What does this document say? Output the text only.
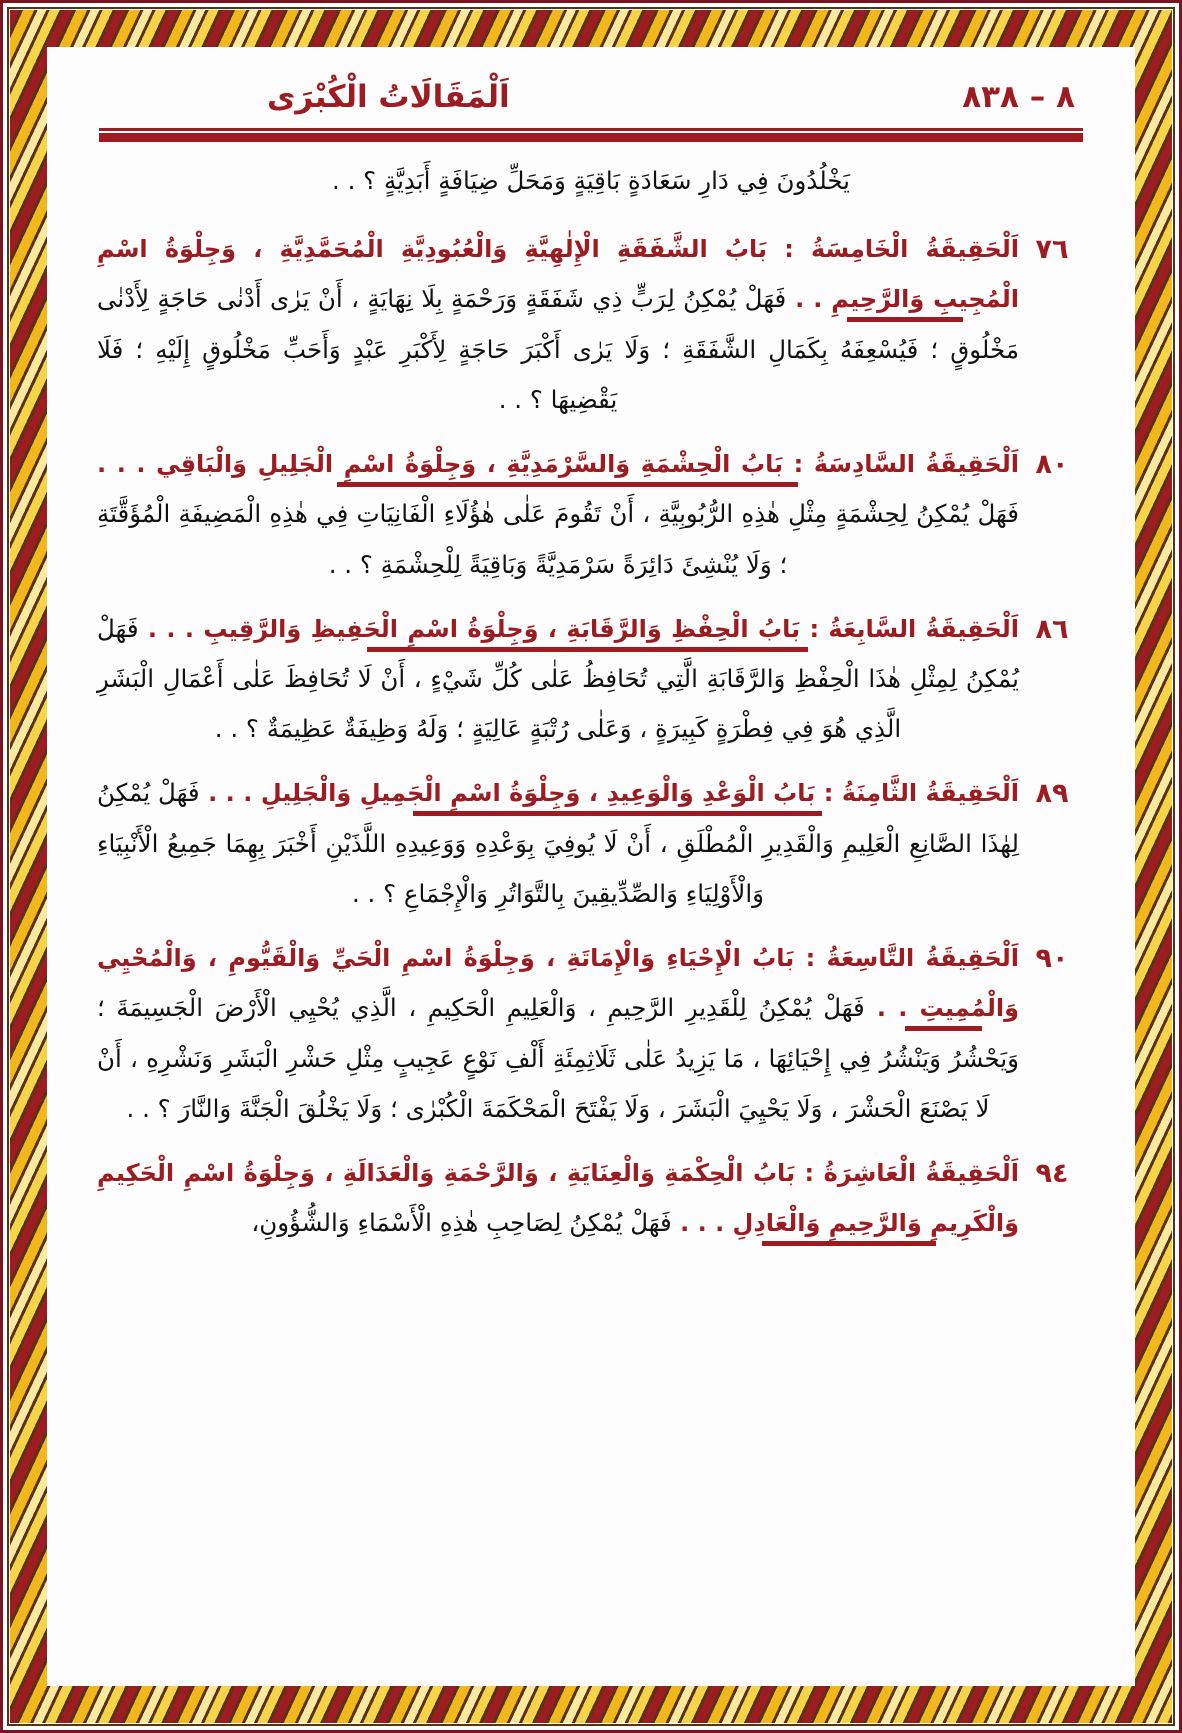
٨ – ٨٣٨
اَلْمَقَالَاتُ الْكُبْرَى
يَخْلُدُونَ فِي دَارِ سَعَادَةٍ بَاقِيَةٍ وَمَحَلِّ ضِيَافَةٍ أَبَدِيَّةٍ ؟ . .
٧٦
اَلْحَقِيقَةُ الْخَامِسَةُ : بَابُ الشَّفَقَةِ الْإِلٰهِيَّةِ وَالْعُبُودِيَّةِ الْمُحَمَّدِيَّةِ ، وَجِلْوَةُ اسْمِ الْمُجِيبِ وَالرَّحِيمِ . . فَهَلْ يُمْكِنُ لِرَبٍّ ذِي شَفَقَةٍ وَرَحْمَةٍ بِلَا نِهَايَةٍ ، أَنْ يَرٰى أَدْنٰى حَاجَةٍ لِأَدْنٰى مَخْلُوقٍ ؛ فَيُسْعِفَهُ بِكَمَالِ الشَّفَقَةِ ؛ وَلَا يَرٰى أَكْبَرَ حَاجَةٍ لِأَكْبَرِ عَبْدٍ وَأَحَبِّ مَخْلُوقٍ إِلَيْهِ ؛ فَلَا يَقْضِيهَا ؟ . .
٨٠
اَلْحَقِيقَةُ السَّادِسَةُ : بَابُ الْحِشْمَةِ وَالسَّرْمَدِيَّةِ ، وَجِلْوَةُ اسْمِ الْجَلِيلِ وَالْبَاقِي . . . فَهَلْ يُمْكِنُ لِحِشْمَةٍ مِثْلِ هٰذِهِ الرُّبُوبِيَّةِ ، أَنْ تَقُومَ عَلٰى هٰؤُلَاءِ الْفَانِيَاتِ فِي هٰذِهِ الْمَضِيفَةِ الْمُؤَقَّتَةِ ؛ وَلَا يُنْشِئَ دَائِرَةً سَرْمَدِيَّةً وَبَاقِيَةً لِلْحِشْمَةِ ؟ . .
٨٦
اَلْحَقِيقَةُ السَّابِعَةُ : بَابُ الْحِفْظِ وَالرَّقَابَةِ ، وَجِلْوَةُ اسْمِ الْحَفِيظِ وَالرَّقِيبِ . . . فَهَلْ يُمْكِنُ لِمِثْلِ هٰذَا الْحِفْظِ وَالرَّقَابَةِ الَّتِي تُحَافِظُ عَلٰى كُلِّ شَيْءٍ ، أَنْ لَا تُحَافِظَ عَلٰى أَعْمَالِ الْبَشَرِ الَّذِي هُوَ فِي فِطْرَةٍ كَبِيرَةٍ ، وَعَلٰى رُتْبَةٍ عَالِيَةٍ ؛ وَلَهُ وَظِيفَةٌ عَظِيمَةٌ ؟ . .
٨٩
اَلْحَقِيقَةُ الثَّامِنَةُ : بَابُ الْوَعْدِ وَالْوَعِيدِ ، وَجِلْوَةُ اسْمِ الْجَمِيلِ وَالْجَلِيلِ . . . فَهَلْ يُمْكِنُ لِهٰذَا الصَّانِعِ الْعَلِيمِ وَالْقَدِيرِ الْمُطْلَقِ ، أَنْ لَا يُوفِيَ بِوَعْدِهِ وَوَعِيدِهِ اللَّذَيْنِ أَخْبَرَ بِهِمَا جَمِيعُ الْأَنْبِيَاءِ وَالْأَوْلِيَاءِ وَالصِّدِّيقِينَ بِالتَّوَاتُرِ وَالْإِجْمَاعِ ؟ . .
٩٠
اَلْحَقِيقَةُ التَّاسِعَةُ : بَابُ الْإِحْيَاءِ وَالْإِمَاتَةِ ، وَجِلْوَةُ اسْمِ الْحَيِّ وَالْقَيُّومِ ، وَالْمُحْيِي وَالْمُمِيتِ . . فَهَلْ يُمْكِنُ لِلْقَدِيرِ الرَّحِيمِ ، وَالْعَلِيمِ الْحَكِيمِ ، الَّذِي يُحْيِي الْأَرْضَ الْجَسِيمَةَ ؛ وَيَحْشُرُ وَيَنْشُرُ فِي إِحْيَائِهَا ، مَا يَزِيدُ عَلٰى ثَلَاثِمِئَةِ أَلْفِ نَوْعٍ عَجِيبٍ مِثْلِ حَشْرِ الْبَشَرِ وَنَشْرِهِ ، أَنْ لَا يَصْنَعَ الْحَشْرَ ، وَلَا يَحْيِيَ الْبَشَرَ ، وَلَا يَفْتَحَ الْمَحْكَمَةَ الْكُبْرٰى ؛ وَلَا يَخْلُقَ الْجَنَّةَ وَالنَّارَ ؟ . .
٩٤
اَلْحَقِيقَةُ الْعَاشِرَةُ : بَابُ الْحِكْمَةِ وَالْعِنَايَةِ ، وَالرَّحْمَةِ وَالْعَدَالَةِ ، وَجِلْوَةُ اسْمِ الْحَكِيمِ وَالْكَرِيمِ وَالرَّحِيمِ وَالْعَادِلِ . . . فَهَلْ يُمْكِنُ لِصَاحِبِ هٰذِهِ الْأَسْمَاءِ وَالشُّؤُونِ،
